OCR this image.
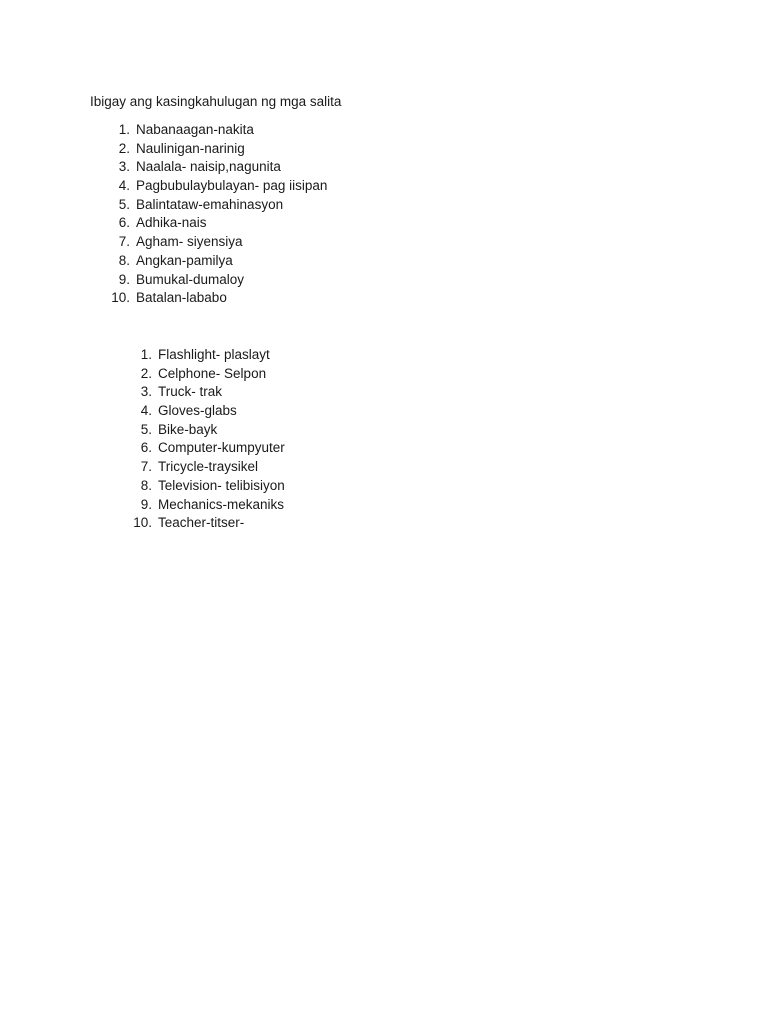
Ibigay ang kasingkahulugan ng mga salita
1. Nabanaagan-nakita
2. Naulinigan-narinig
3. Naalala- naisip,nagunita
4. Pagbubulaybulayan- pag iisipan
5. Balintataw-emahinasyon
6. Adhika-nais
7. Agham- siyensiya
8. Angkan-pamilya
9. Bumukal-dumaloy
10. Batalan-lababo
1. Flashlight- plaslayt
2. Celphone- Selpon
3. Truck- trak
4. Gloves-glabs
5. Bike-bayk
6. Computer-kumpyuter
7. Tricycle-traysikel
8. Television- telibisiyon
9. Mechanics-mekaniks
10. Teacher-titser-
